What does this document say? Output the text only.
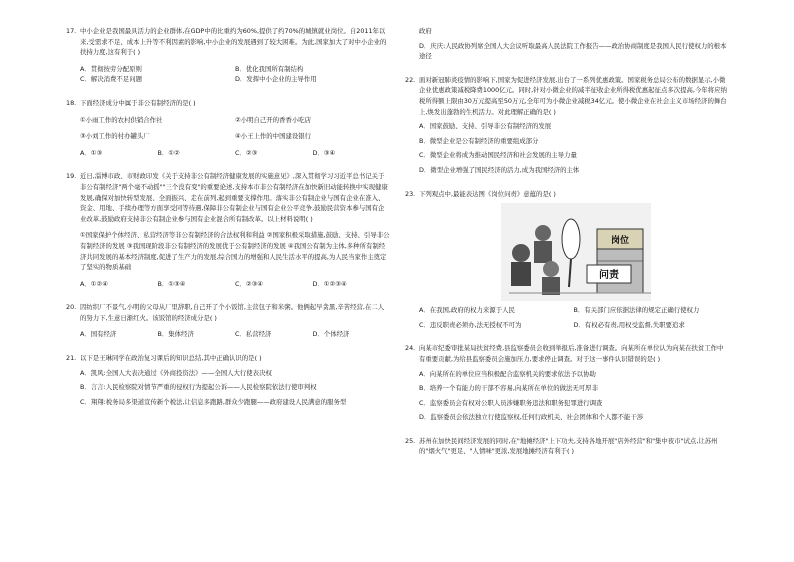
17. 中小企业是我国最具活力的企业群体,在GDP中的比重约为60%,提供了约70%的城镇就业岗位。自2011年以来,受需求不足、成本上升等不利因素的影响,中小企业的发展遇到了较大困难。为此,国家加大了对中小企业的扶持力度,这有利于( )
A．贯彻按劳分配原则	B．优化我国所有制结构
C．解决消费不足问题	D．发挥中小企业的主导作用
18. 下面经济成分中属于非公有制经济的是( )
①小雨工作的农村供销合作社	②小明自己开的香香小吃店
③小刘工作的村办罐头厂	④小王上作的中国建设银行
A．①③	B．①②	C．②③	D．③④
19. 近日,淄博市政、市财政印发《关于支持非公有制经济健康发展的实施意见》,深入贯彻学习习近平总书记关于非公有制经济"两个毫不动摇""三个没有变"的重要论述,支持本市非公有制经济在加快新旧动能转换中实现健康发展,确保对加快转型发展、全面振兴、走在前列,起到重要支撑作用。落实非公有制企业与国有企业在准入、资金、用地、手续办理等方面享受同等待遇,保障非公有制企业与国有企业公平竞争,鼓励民营资本参与国有企业改革,鼓励政府支持非公有制企业参与国有企业混合所有制改革。以上材料说明( )
①国家保护个体经济、私营经济等非公有制经济的合法权利和利益 ②国家积极采取措施,鼓励、支持、引导非公有制经济的发展 ③我国现阶段非公有制经济的发展优于公有制经济的发展 ④我国公有制为主体,多种所有制经济共同发展的基本经济制度,促进了生产力的发展,综合国力的增强和人民生活水平的提高,为人民当家作主奠定了坚实的物质基础
A．①②④	B．①③④	C．②③④	D．①②③④
20. 因纺织厂不景气,小明的父母从厂里辞职,自己开了个小饭馆,主营包子和米粥。他俩起早贪黑,辛苦经营,在二人的努力下,生意日渐红火。该饭馆的经济成分是( )
A．国有经济	B．集体经济	C．私营经济	D．个体经济
21. 以下是王琳同学在政治复习课后的知识总结,其中正确认识的是( )
A．凯风:全国人大表决通过《外商投资法》——全国人大行使表决权
B．言言:人民检察院对情节严重的侵权行为提起公诉——人民检察院依法行使审判权
C．翔翔:税务局多渠道宣传新个税法,让信息多跑路,群众少跑腿——政府建设人民满意的服务型
政府
D．庆庆:人民政协列席全国人大会议听取最高人民法院工作报告——政治协商制度是我国人民行使权力的根本途径
22. 面对新冠肺炎疫情的影响下,国家为促进经济发展,出台了一系列优惠政策。国家税务总局公布的数据显示,小微企业优惠政策减税降费1000亿元。同时,针对小微企业的减半征收企业所得税优惠起征点多次提高,今年将应纳税所得额上限由30万元提高至50万元,全年可为小微企业减税34亿元。使小微企业在社会主义市场经济的舞台上,焕发出蓬勃的生机活力。对此理解正确的是( )
A．国家鼓励、支持、引导非公有制经济的发展
B．微型企业是公有制经济的重要组成部分
C．微型企业将成为推动国民经济和社会发展的主导力量
D．微型企业增强了国民经济的活力,成为我国经济的主体
23. 下列观点中,最能表达图《岗位问责》意蕴的是( )
岗位
问责
A．在我国,政府的权力来源于人民	B．有关部门应依据法律的规定正确行使权力
C．违反职责必须办,法无授权不可为	D．有权必有责,用权受监督,失职要追求
24. 向某市纪委审批某局扶贫经费,县监察委员会收到举报后,准备进行调查。向某所在单位认为向某在扶贫工作中有重要贡献,为给县监察委员会施加压力,要求停止调查。对于这一事件认识错误的是( )
A．向某所在的单位应当积极配合监察机关的要求依法予以协助
B．培养一个有能力的干部不容易,向某所在单位的做法无可厚非
C．监察委员会有权对公职人员涉嫌职务违法和职务犯罪进行调查
D．监察委员会依法独立行使监察权,任何行政机关、社会团体和个人都不能干涉
25. 苏州在加快民间经济发展的同时,在"地摊经济"上下功夫,支持各地开展"店外经营"和"集中夜市"试点,让苏州的"烟火气"更足、"人情味"更浓,发展地摊经济有利于( )
